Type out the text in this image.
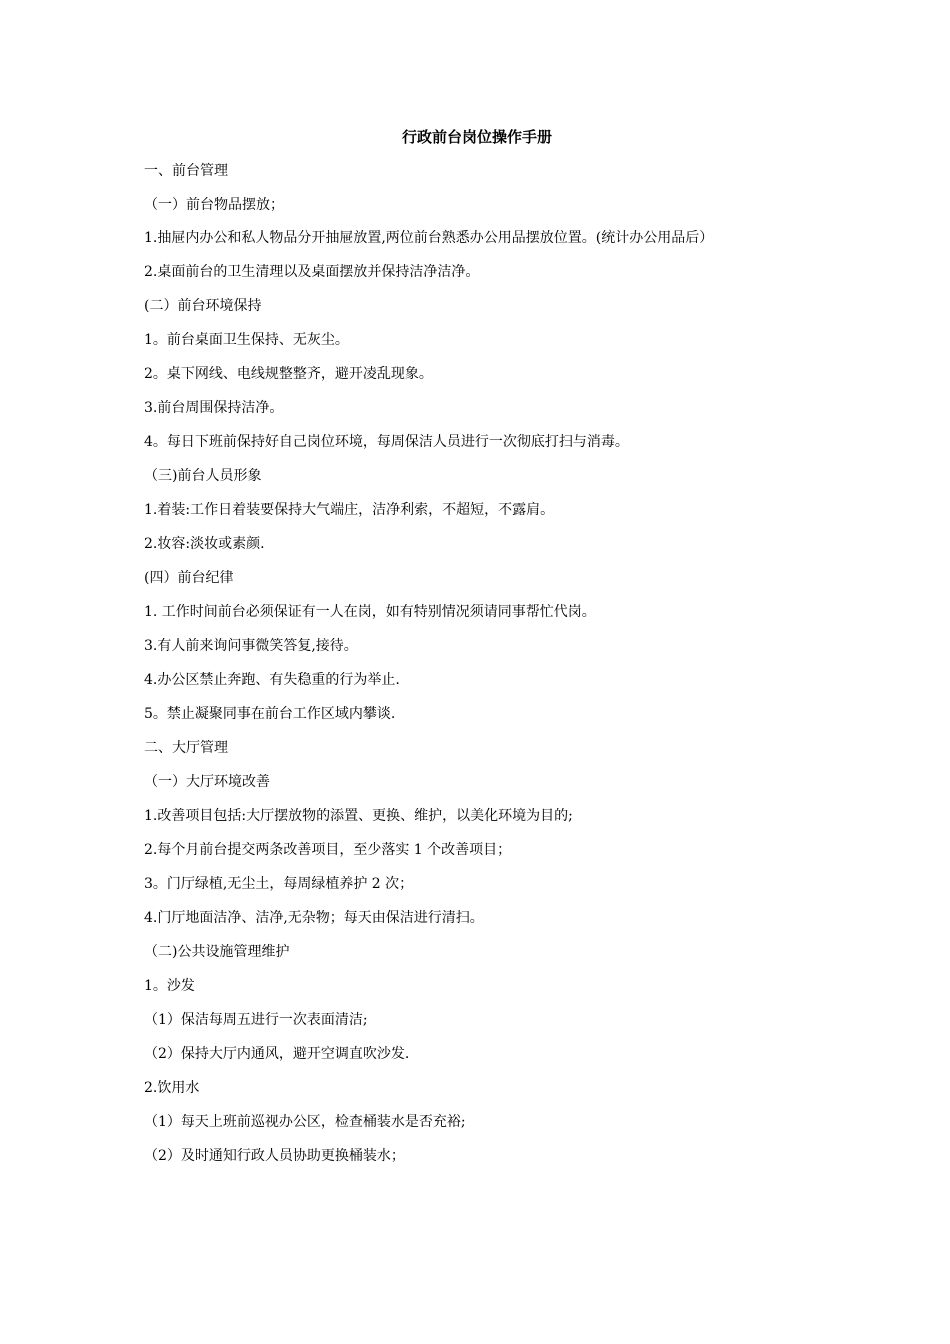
行政前台岗位操作手册
一、前台管理
（一）前台物品摆放；
1.抽屉内办公和私人物品分开抽屉放置,两位前台熟悉办公用品摆放位置。(统计办公用品后）
2.桌面前台的卫生清理以及桌面摆放并保持洁净洁净。
(二）前台环境保持
1。前台桌面卫生保持、无灰尘。
2。桌下网线、电线规整整齐，避开凌乱现象。
3.前台周围保持洁净。
4。每日下班前保持好自己岗位环境，每周保洁人员进行一次彻底打扫与消毒。
（三)前台人员形象
1.着装:工作日着装要保持大气端庄，洁净利索，不超短，不露肩。
2.妆容:淡妆或素颜.
(四）前台纪律
1. 工作时间前台必须保证有一人在岗，如有特别情况须请同事帮忙代岗。
3.有人前来询问事微笑答复,接待。
4.办公区禁止奔跑、有失稳重的行为举止.
5。禁止凝聚同事在前台工作区域内攀谈.
二、大厅管理
（一）大厅环境改善
1.改善项目包括:大厅摆放物的添置、更换、维护，以美化环境为目的;
2.每个月前台提交两条改善项目，至少落实 1 个改善项目；
3。门厅绿植,无尘土，每周绿植养护 2 次；
4.门厅地面洁净、洁净,无杂物；每天由保洁进行清扫。
（二)公共设施管理维护
1。沙发
（1）保洁每周五进行一次表面清洁;
（2）保持大厅内通风，避开空调直吹沙发.
2.饮用水
（1）每天上班前巡视办公区，检查桶装水是否充裕;
（2）及时通知行政人员协助更换桶装水；
